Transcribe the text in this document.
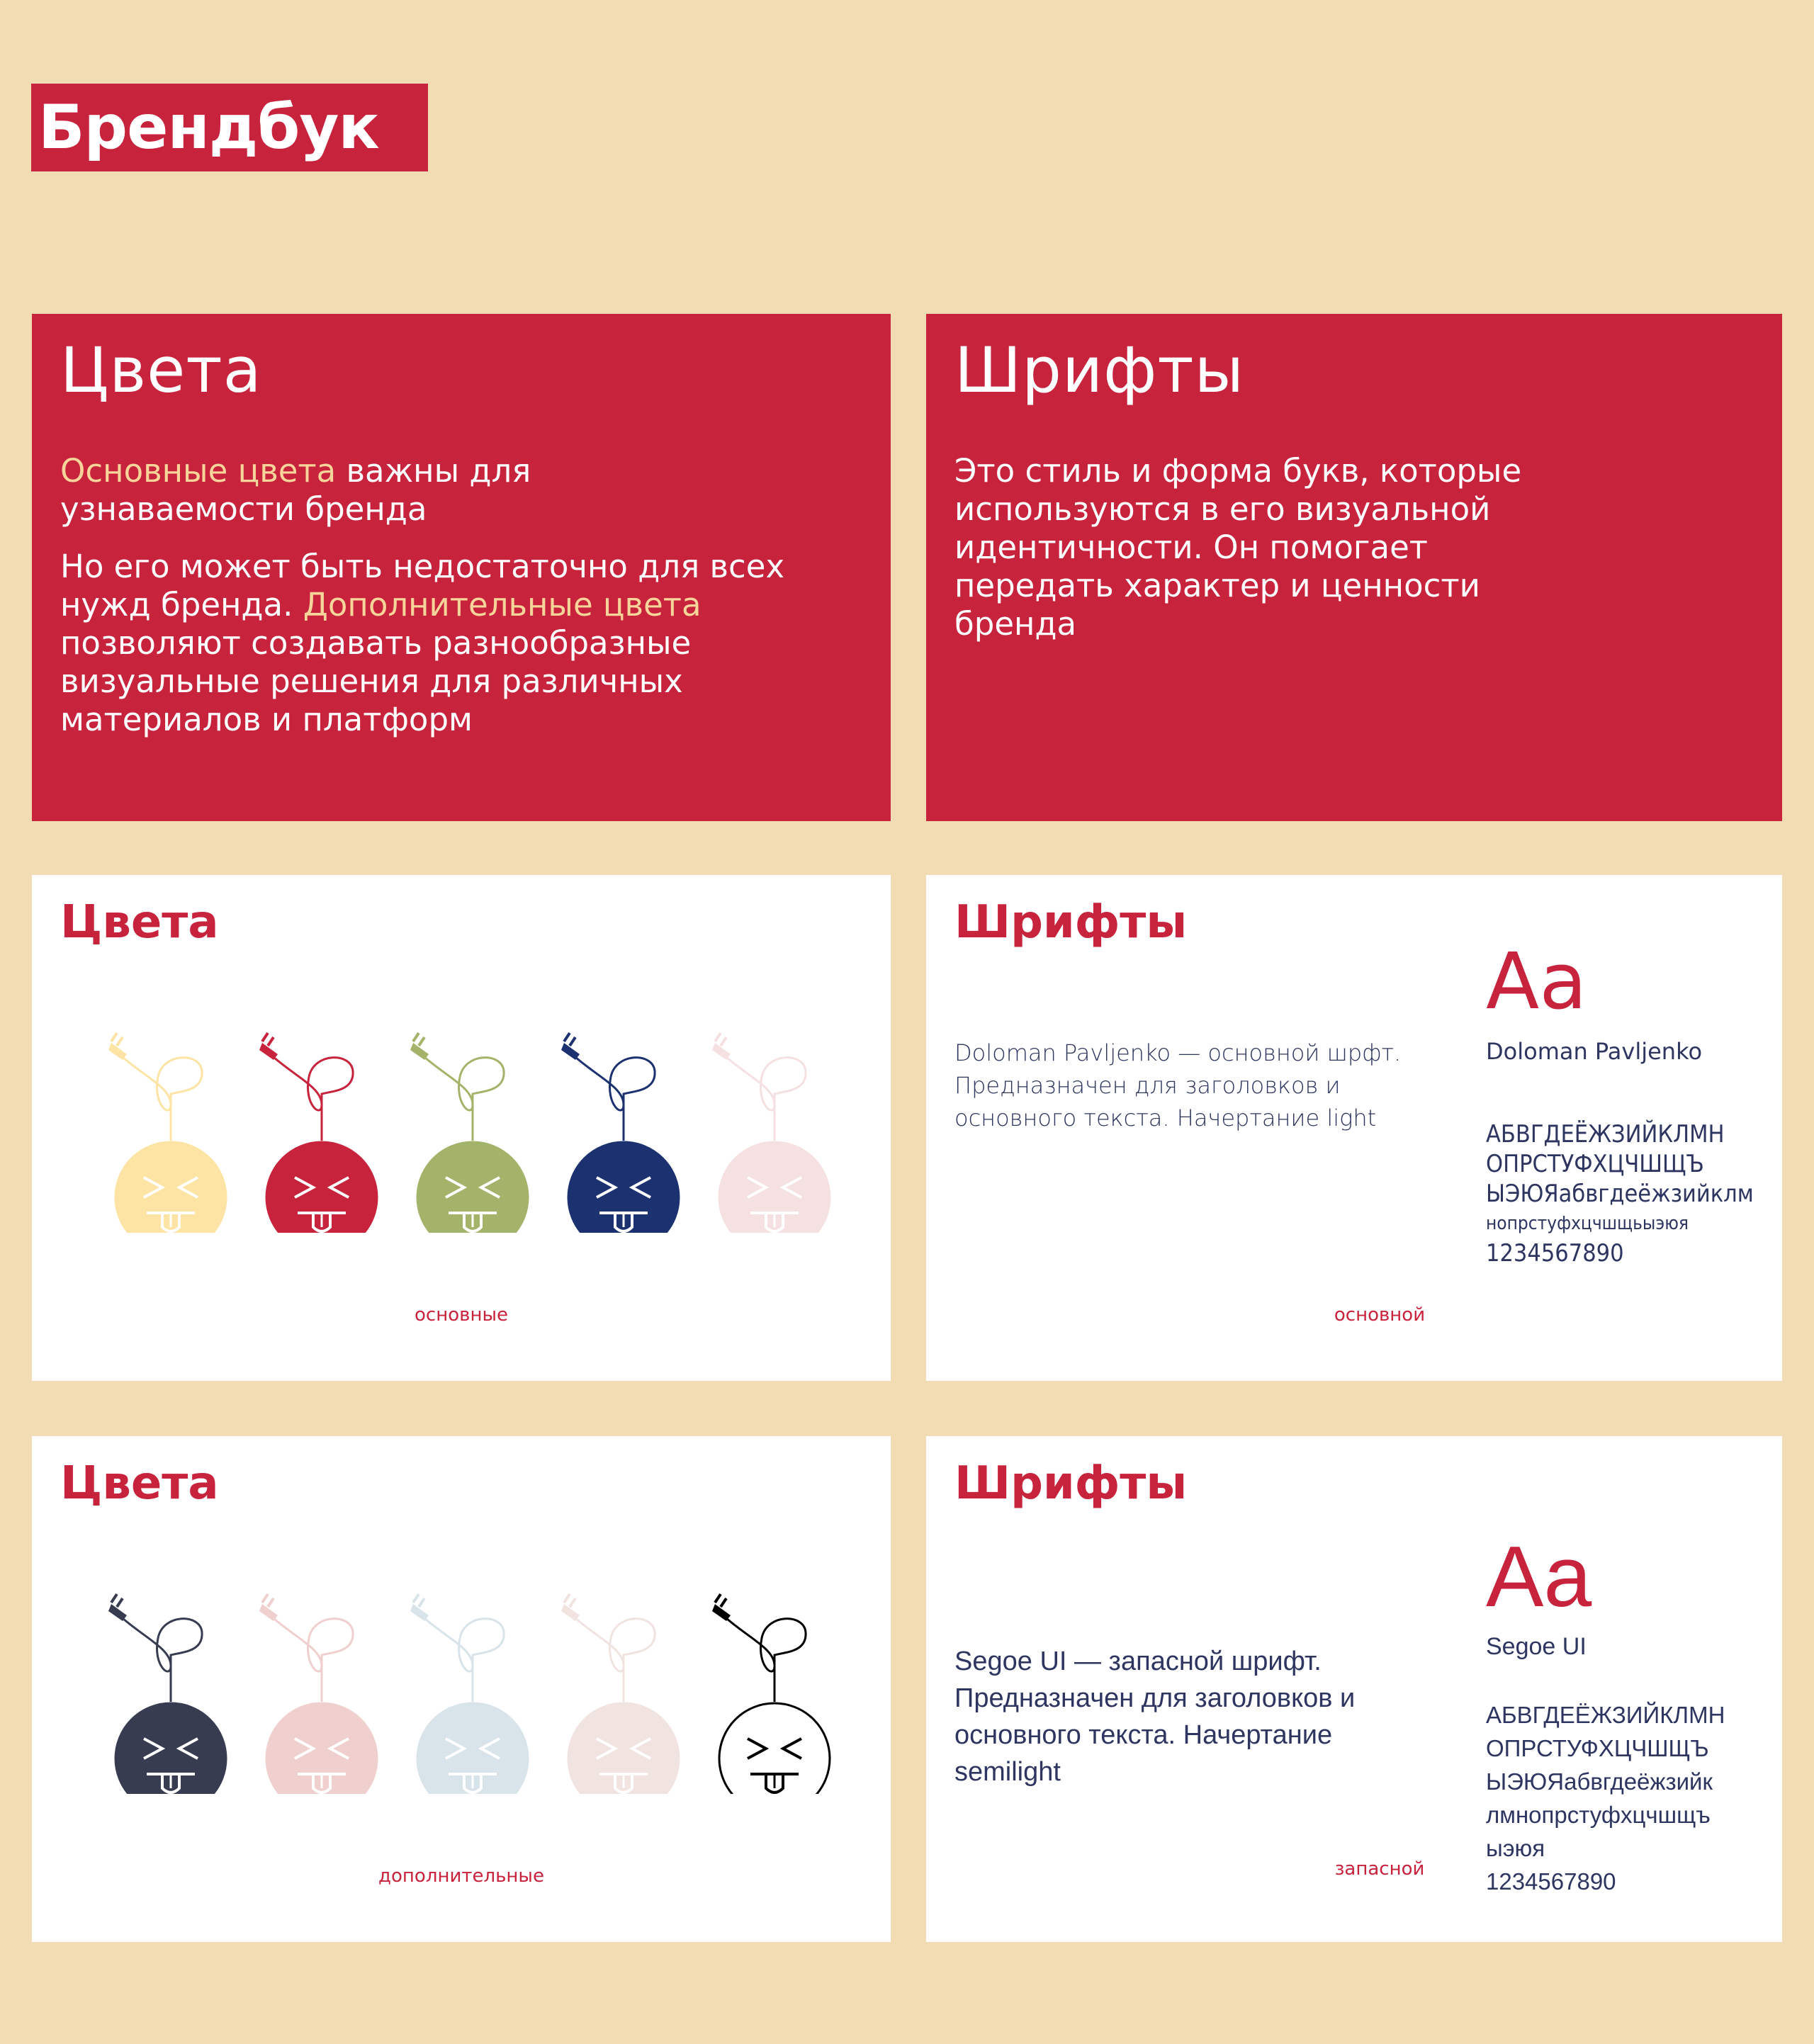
Брендбук
Цвета

Основные цвета важны для узнаваемости бренда

Но его может быть недостаточно для всех нужд бренда. Дополнительные цвета позволяют создавать разнообразные визуальные решения для различных материалов и платформ

Шрифты

Это стиль и форма букв, которые используются в его визуальной идентичности. Он помогает передать характер и ценности бренда

Цвета

основные

Шрифты

Doloman Pavljenko — основной шрфт. Предназначен для заголовков и основного текста. Начертание light

Aa

Doloman Pavljenko

АБВГДЕЁЖЗИЙКЛМН
ОПРСТУФХЦЧШЩЪ
ЫЭЮЯабвгдеёжзийклм
нопрстуфхцчшщьыэюя
1234567890

основной

Цвета

дополнительные

Шрифты

Segoe UI — запасной шрифт. Предназначен для заголовков и основного текста. Начертание semilight

Aa

Segoe UI

АБВГДЕЁЖЗИЙКЛМН
ОПРСТУФХЦЧШЩЪ
ЫЭЮЯабвгдеёжзийк
лмнопрстуфхцчшщъ
ыэюя
1234567890

запасной
